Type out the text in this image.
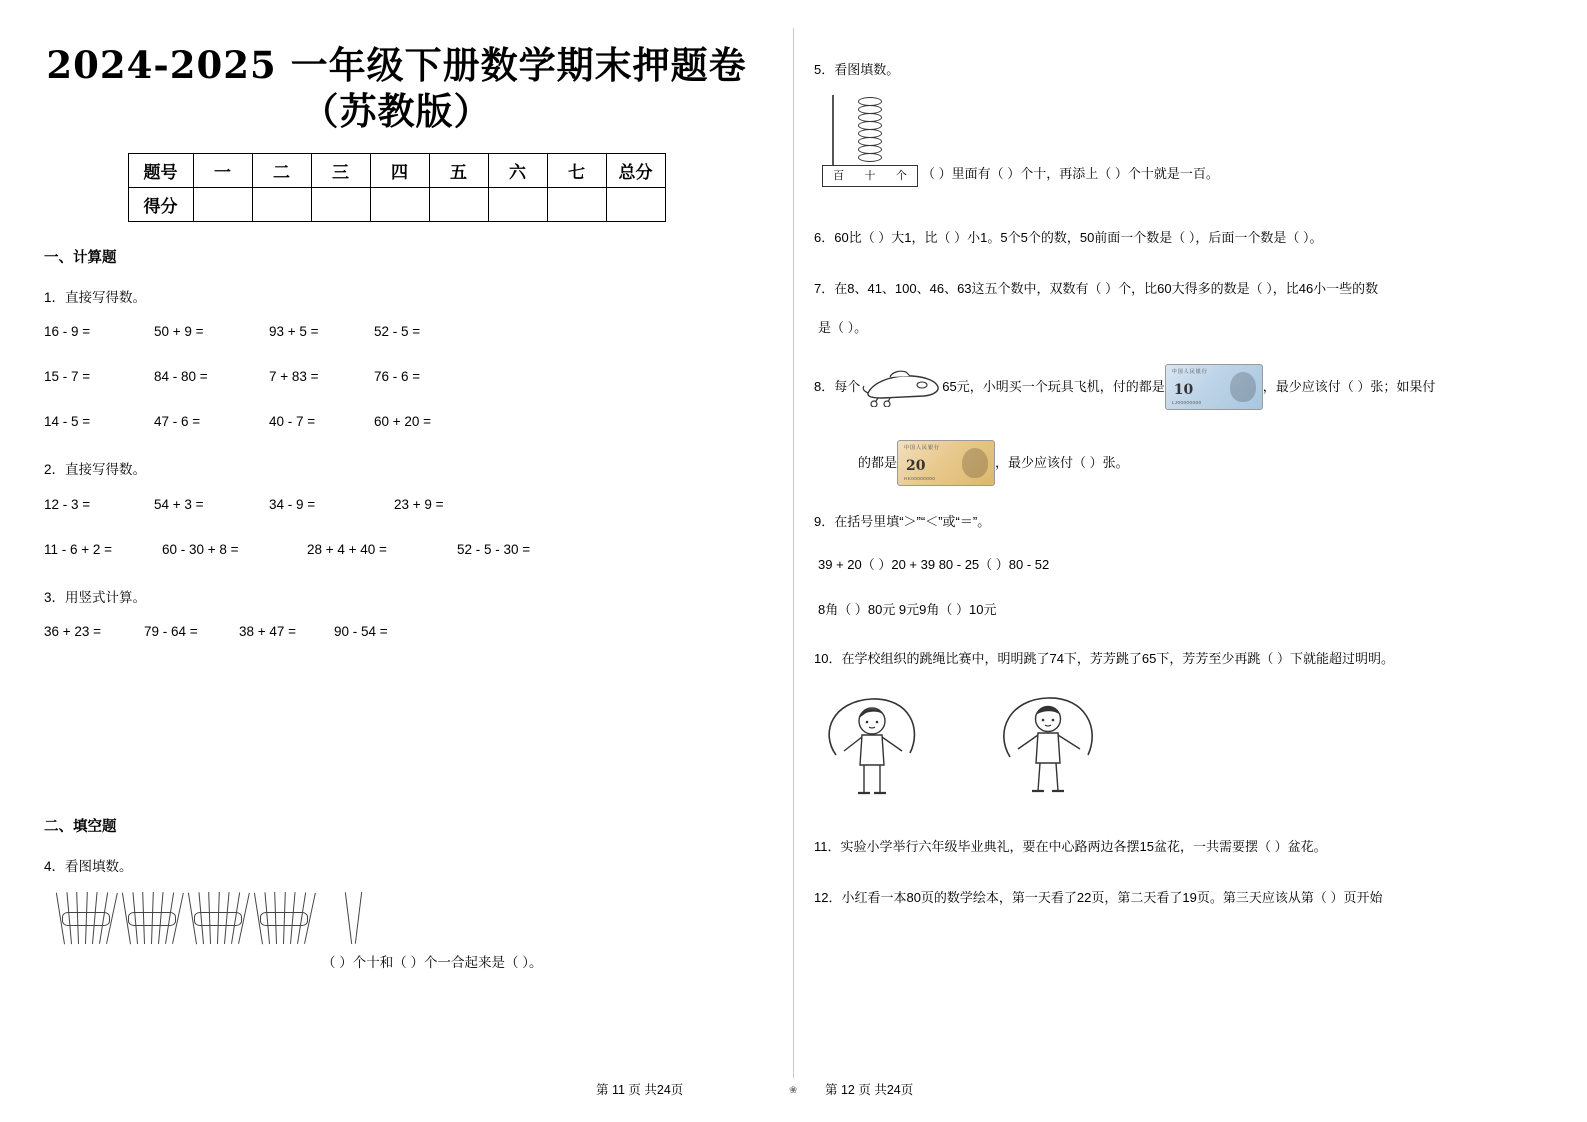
2024-2025 一年级下册数学期末押题卷
（苏教版）
题号	一	二	三	四	五	六	七	总分
得分								
一、计算题
1．直接写得数。
16 - 9 =	50 + 9 =	93 + 5 =	52 - 5 =
15 - 7 =	84 - 80 =	7 + 83 =	76 - 6 =
14 - 5 =	47 - 6 =	40 - 7 =	60 + 20 =
2．直接写得数。
12 - 3 =	54 + 3 =	34 - 9 =	23 + 9 =
11 - 6 + 2 =	60 - 30 + 8 =	28 + 4 + 40 =	52 - 5 - 30 =
3．用竖式计算。
36 + 23 =	79 - 64 =	38 + 47 =	90 - 54 =
二、填空题
4．看图填数。
（ ）个十和（ ）个一合起来是（ ）。
5．看图填数。
百	十	个	（ ）里面有（ ）个十，再添上（ ）个十就是一百。
6．60比（ ）大1，比（ ）小1。5个5个的数，50前面一个数是（ ），后面一个数是（ ）。
7．在8、41、100、46、63这五个数中，双数有（ ）个，比60大得多的数是（ ），比46小一些的数
是（ ）。
8．每个	65元，小明买一个玩具飞机，付的都是
中国人民银行
10
LJ00000000
，最少应该付（ ）张；如果付
的都是
中国人民银行
20
HK00000000
，最少应该付（ ）张。
9．在括号里填“＞”“＜”或“＝”。
39 + 20（ ）20 + 39 80 - 25（ ）80 - 52
8角（ ）80元 9元9角（ ）10元
10．在学校组织的跳绳比赛中，明明跳了74下，芳芳跳了65下，芳芳至少再跳（ ）下就能超过明明。
11．实验小学举行六年级毕业典礼，要在中心路两边各摆15盆花，一共需要摆（ ）盆花。
12．小红看一本80页的数学绘本，第一天看了22页，第二天看了19页。第三天应该从第（ ）页开始
第 11 页 共24页	❀ 第 12 页 共24页
